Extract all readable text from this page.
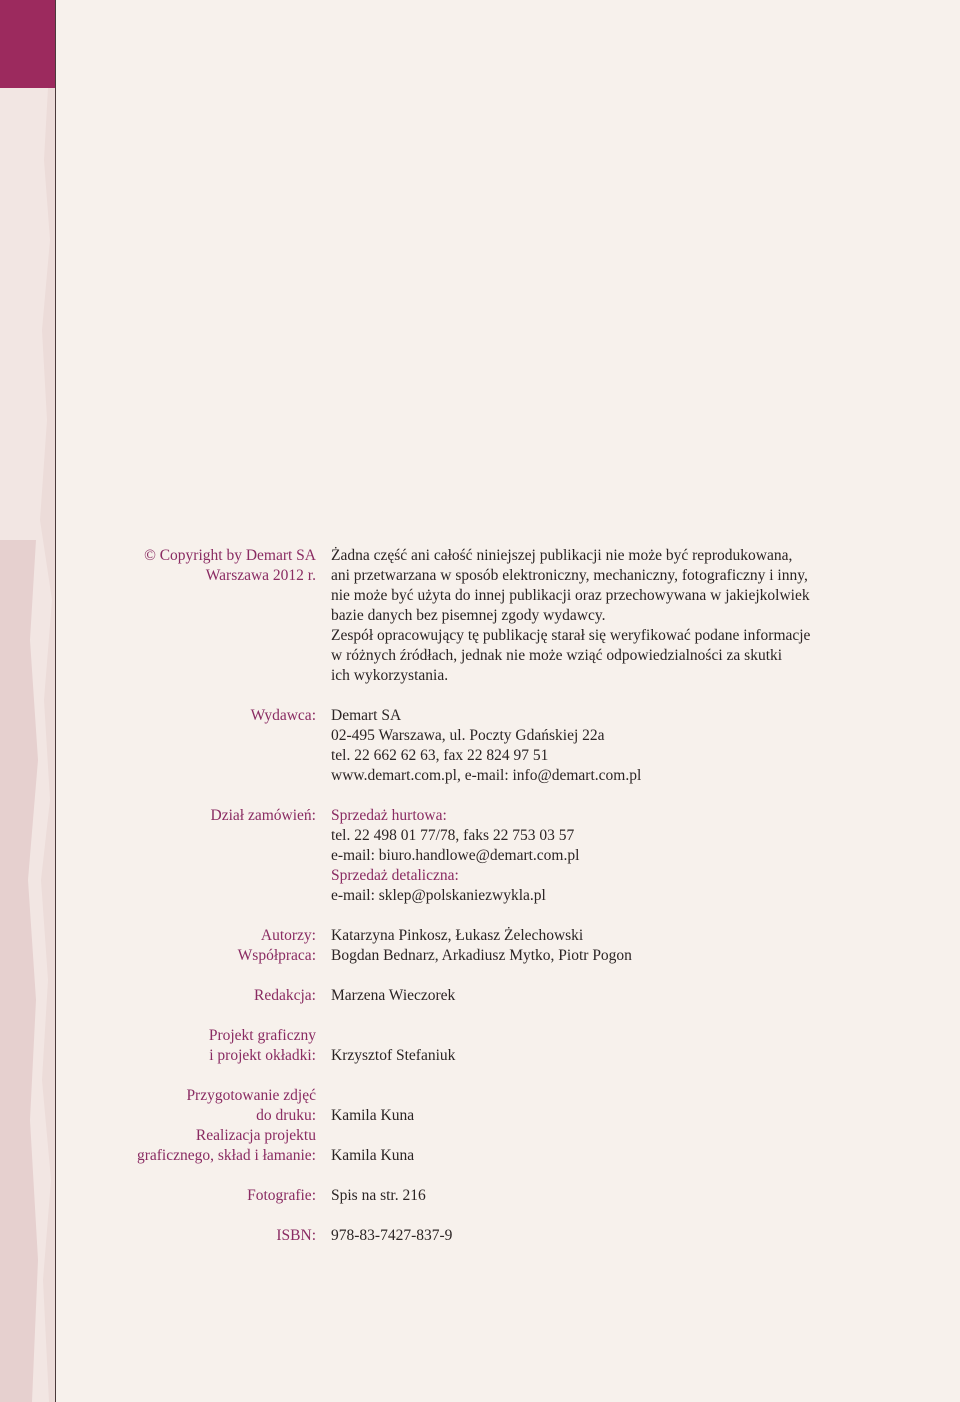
© Copyright by Demart SA
Warszawa 2012 r.
Żadna część ani całość niniejszej publikacji nie może być reprodukowana,
ani przetwarzana w sposób elektroniczny, mechaniczny, fotograficzny i inny,
nie może być użyta do innej publikacji oraz przechowywana w jakiejkolwiek
bazie danych bez pisemnej zgody wydawcy.
Zespół opracowujący tę publikację starał się weryfikować podane informacje
w różnych źródłach, jednak nie może wziąć odpowiedzialności za skutki
ich wykorzystania.
Wydawca: Demart SA
02-495 Warszawa, ul. Poczty Gdańskiej 22a
tel. 22 662 62 63, fax 22 824 97 51
www.demart.com.pl, e-mail: info@demart.com.pl
Dział zamówień: Sprzedaż hurtowa:
tel. 22 498 01 77/78, faks 22 753 03 57
e-mail: biuro.handlowe@demart.com.pl
Sprzedaż detaliczna:
e-mail: sklep@polskaniezwykla.pl
Autorzy: Katarzyna Pinkosz, Łukasz Żelechowski
Współpraca: Bogdan Bednarz, Arkadiusz Mytko, Piotr Pogon
Redakcja: Marzena Wieczorek
Projekt graficzny
i projekt okładki: Krzysztof Stefaniuk
Przygotowanie zdjęć
do druku: Kamila Kuna
Realizacja projektu
graficznego, skład i łamanie: Kamila Kuna
Fotografie: Spis na str. 216
ISBN: 978-83-7427-837-9
